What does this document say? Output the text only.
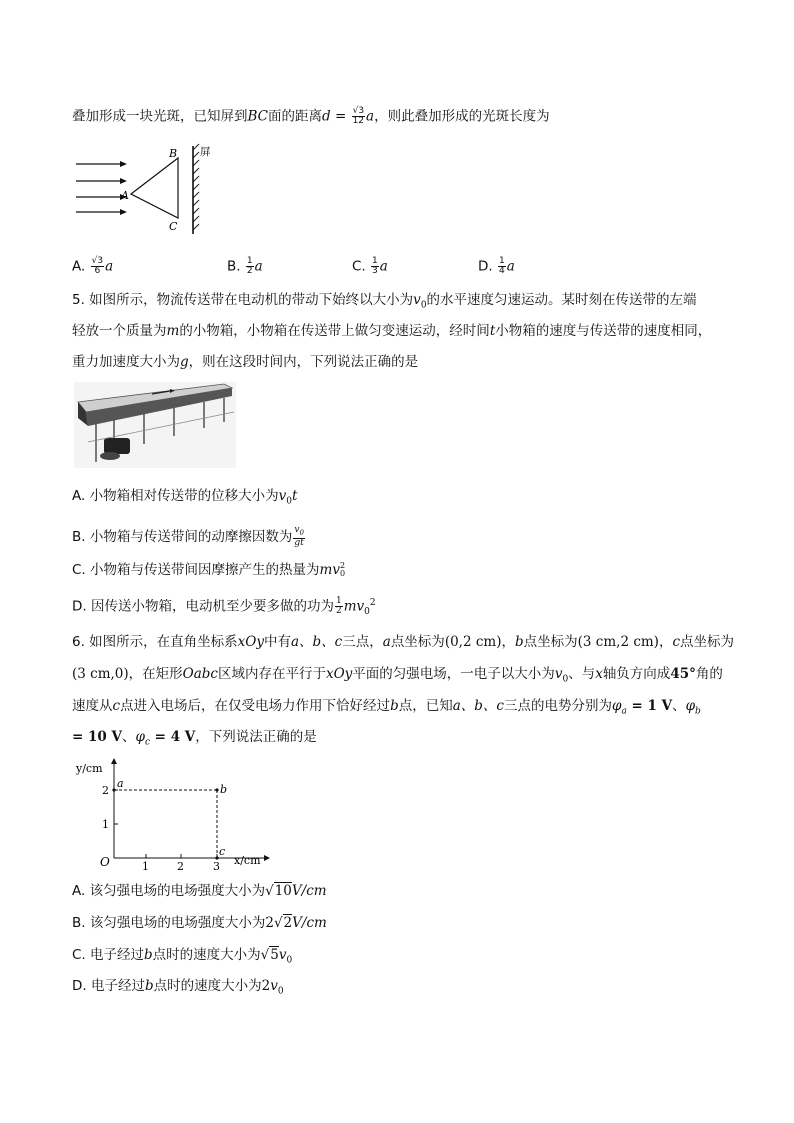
叠加形成一块光斑，已知屏到BC面的距离$d = \frac{√3}{12}$ a，则此叠加形成的光斑长度为
B
A
C
屏
A. $\frac{√3}{6}$ a	B. $\frac{1}{2}$ a	C. $\frac{1}{3}$ a	D. $\frac{1}{4}$ a
5. 如图所示，物流传送带在电动机的带动下始终以大小为$v_0$的水平速度匀速运动。某时刻在传送带的左端
轻放一个质量为m的小物箱，小物箱在传送带上做匀变速运动，经时间t小物箱的速度与传送带的速度相同，
重力加速度大小为g，则在这段时间内，下列说法正确的是
A. 小物箱相对传送带的位移大小为$v_0t$
B. 小物箱与传送带间的动摩擦因数为 $\frac{v_0}{gt}$
C. 小物箱与传送带间因摩擦产生的热量为mv 2
0
D. 因传送小物箱，电动机至少要多做的功为 $\frac{1}{2} mv_0^2$
6. 如图所示，在直角坐标系xOy中有a、b、c三点，a点坐标为(0,2 cm)，b点坐标为(3 cm,2 cm)，c点坐标为
(3 cm,0)，在矩形Oabc区域内存在平行于xOy平面的匀强电场，一电子以大小为$v_0$、与x轴负方向成45°角的
速度从c点进入电场后，在仅受电场力作用下恰好经过b点，已知a、b、c三点的电势分别为$\varphi_a = 1$ V、$\varphi_b$
= 10 V、$\varphi_c = 4$ V，下列说法正确的是
y/cm
x/cm
O	1	2	3
1
2
a	b
c
A. 该匀强电场的电场强度大小为√10V/cm
B. 该匀强电场的电场强度大小为2√2V/cm
C. 电子经过b点时的速度大小为$√5v_0$
D. 电子经过b点时的速度大小为$2v_0$
